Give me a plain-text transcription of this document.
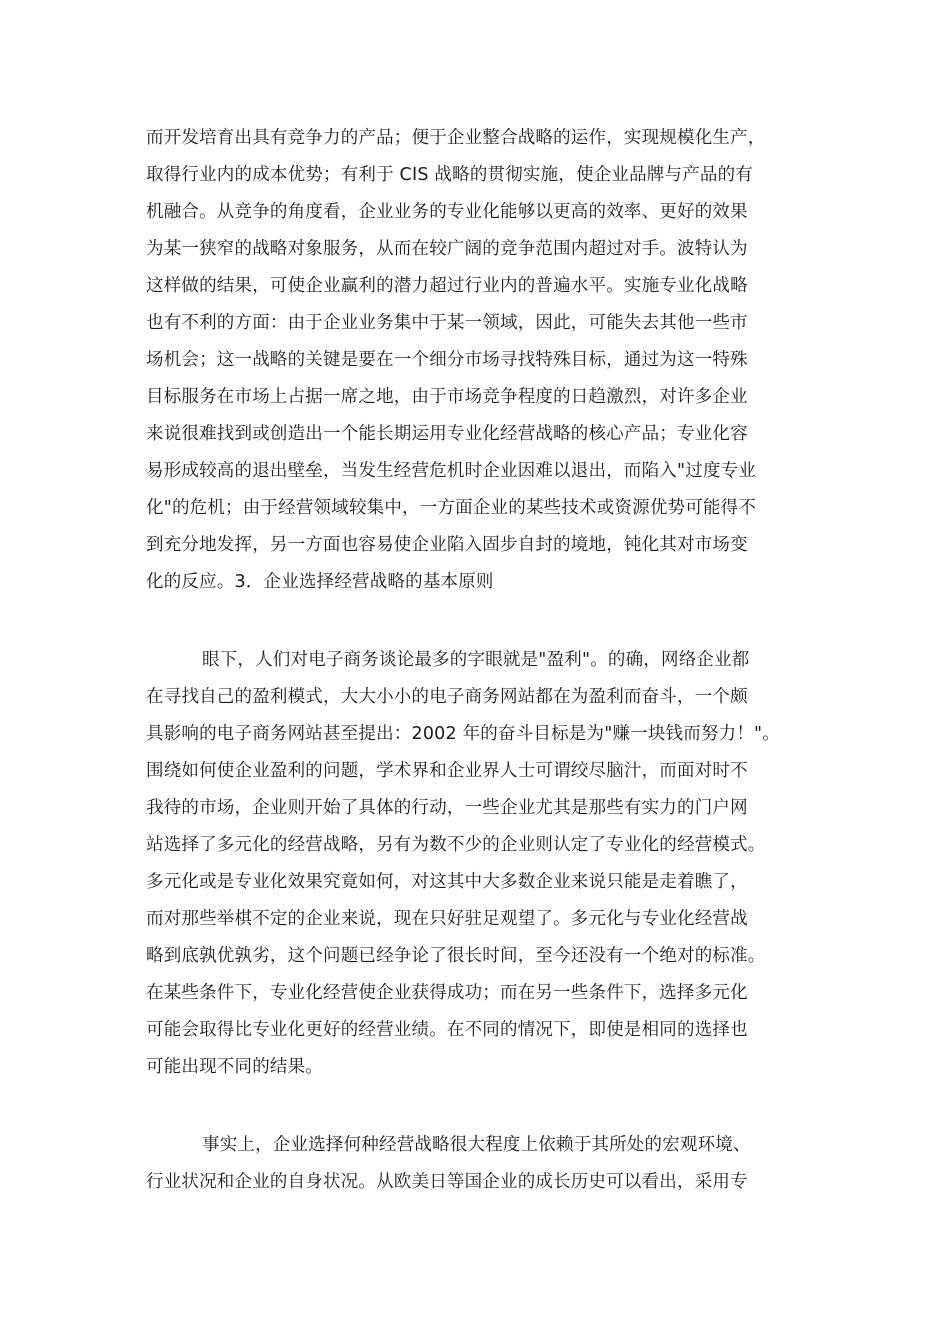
而开发培育出具有竞争力的产品；便于企业整合战略的运作，实现规模化生产，
取得行业内的成本优势；有利于 CIS 战略的贯彻实施，使企业品牌与产品的有
机融合。从竞争的角度看，企业业务的专业化能够以更高的效率、更好的效果
为某一狭窄的战略对象服务，从而在较广阔的竞争范围内超过对手。波特认为
这样做的结果，可使企业赢利的潜力超过行业内的普遍水平。实施专业化战略
也有不利的方面：由于企业业务集中于某一领域，因此，可能失去其他一些市
场机会；这一战略的关键是要在一个细分市场寻找特殊目标，通过为这一特殊
目标服务在市场上占据一席之地，由于市场竞争程度的日趋激烈，对许多企业
来说很难找到或创造出一个能长期运用专业化经营战略的核心产品；专业化容
易形成较高的退出壁垒，当发生经营危机时企业因难以退出，而陷入"过度专业
化"的危机；由于经营领域较集中，一方面企业的某些技术或资源优势可能得不
到充分地发挥，另一方面也容易使企业陷入固步自封的境地，钝化其对市场变
化的反应。3．企业选择经营战略的基本原则
眼下，人们对电子商务谈论最多的字眼就是"盈利"。的确，网络企业都
在寻找自己的盈利模式，大大小小的电子商务网站都在为盈利而奋斗，一个颇
具影响的电子商务网站甚至提出：2002 年的奋斗目标是为"赚一块钱而努力！"。
围绕如何使企业盈利的问题，学术界和企业界人士可谓绞尽脑汁，而面对时不
我待的市场，企业则开始了具体的行动，一些企业尤其是那些有实力的门户网
站选择了多元化的经营战略，另有为数不少的企业则认定了专业化的经营模式。
多元化或是专业化效果究竟如何，对这其中大多数企业来说只能是走着瞧了，
而对那些举棋不定的企业来说，现在只好驻足观望了。多元化与专业化经营战
略到底孰优孰劣，这个问题已经争论了很长时间，至今还没有一个绝对的标准。
在某些条件下，专业化经营使企业获得成功；而在另一些条件下，选择多元化
可能会取得比专业化更好的经营业绩。在不同的情况下，即使是相同的选择也
可能出现不同的结果。
事实上，企业选择何种经营战略很大程度上依赖于其所处的宏观环境、
行业状况和企业的自身状况。从欧美日等国企业的成长历史可以看出，采用专
